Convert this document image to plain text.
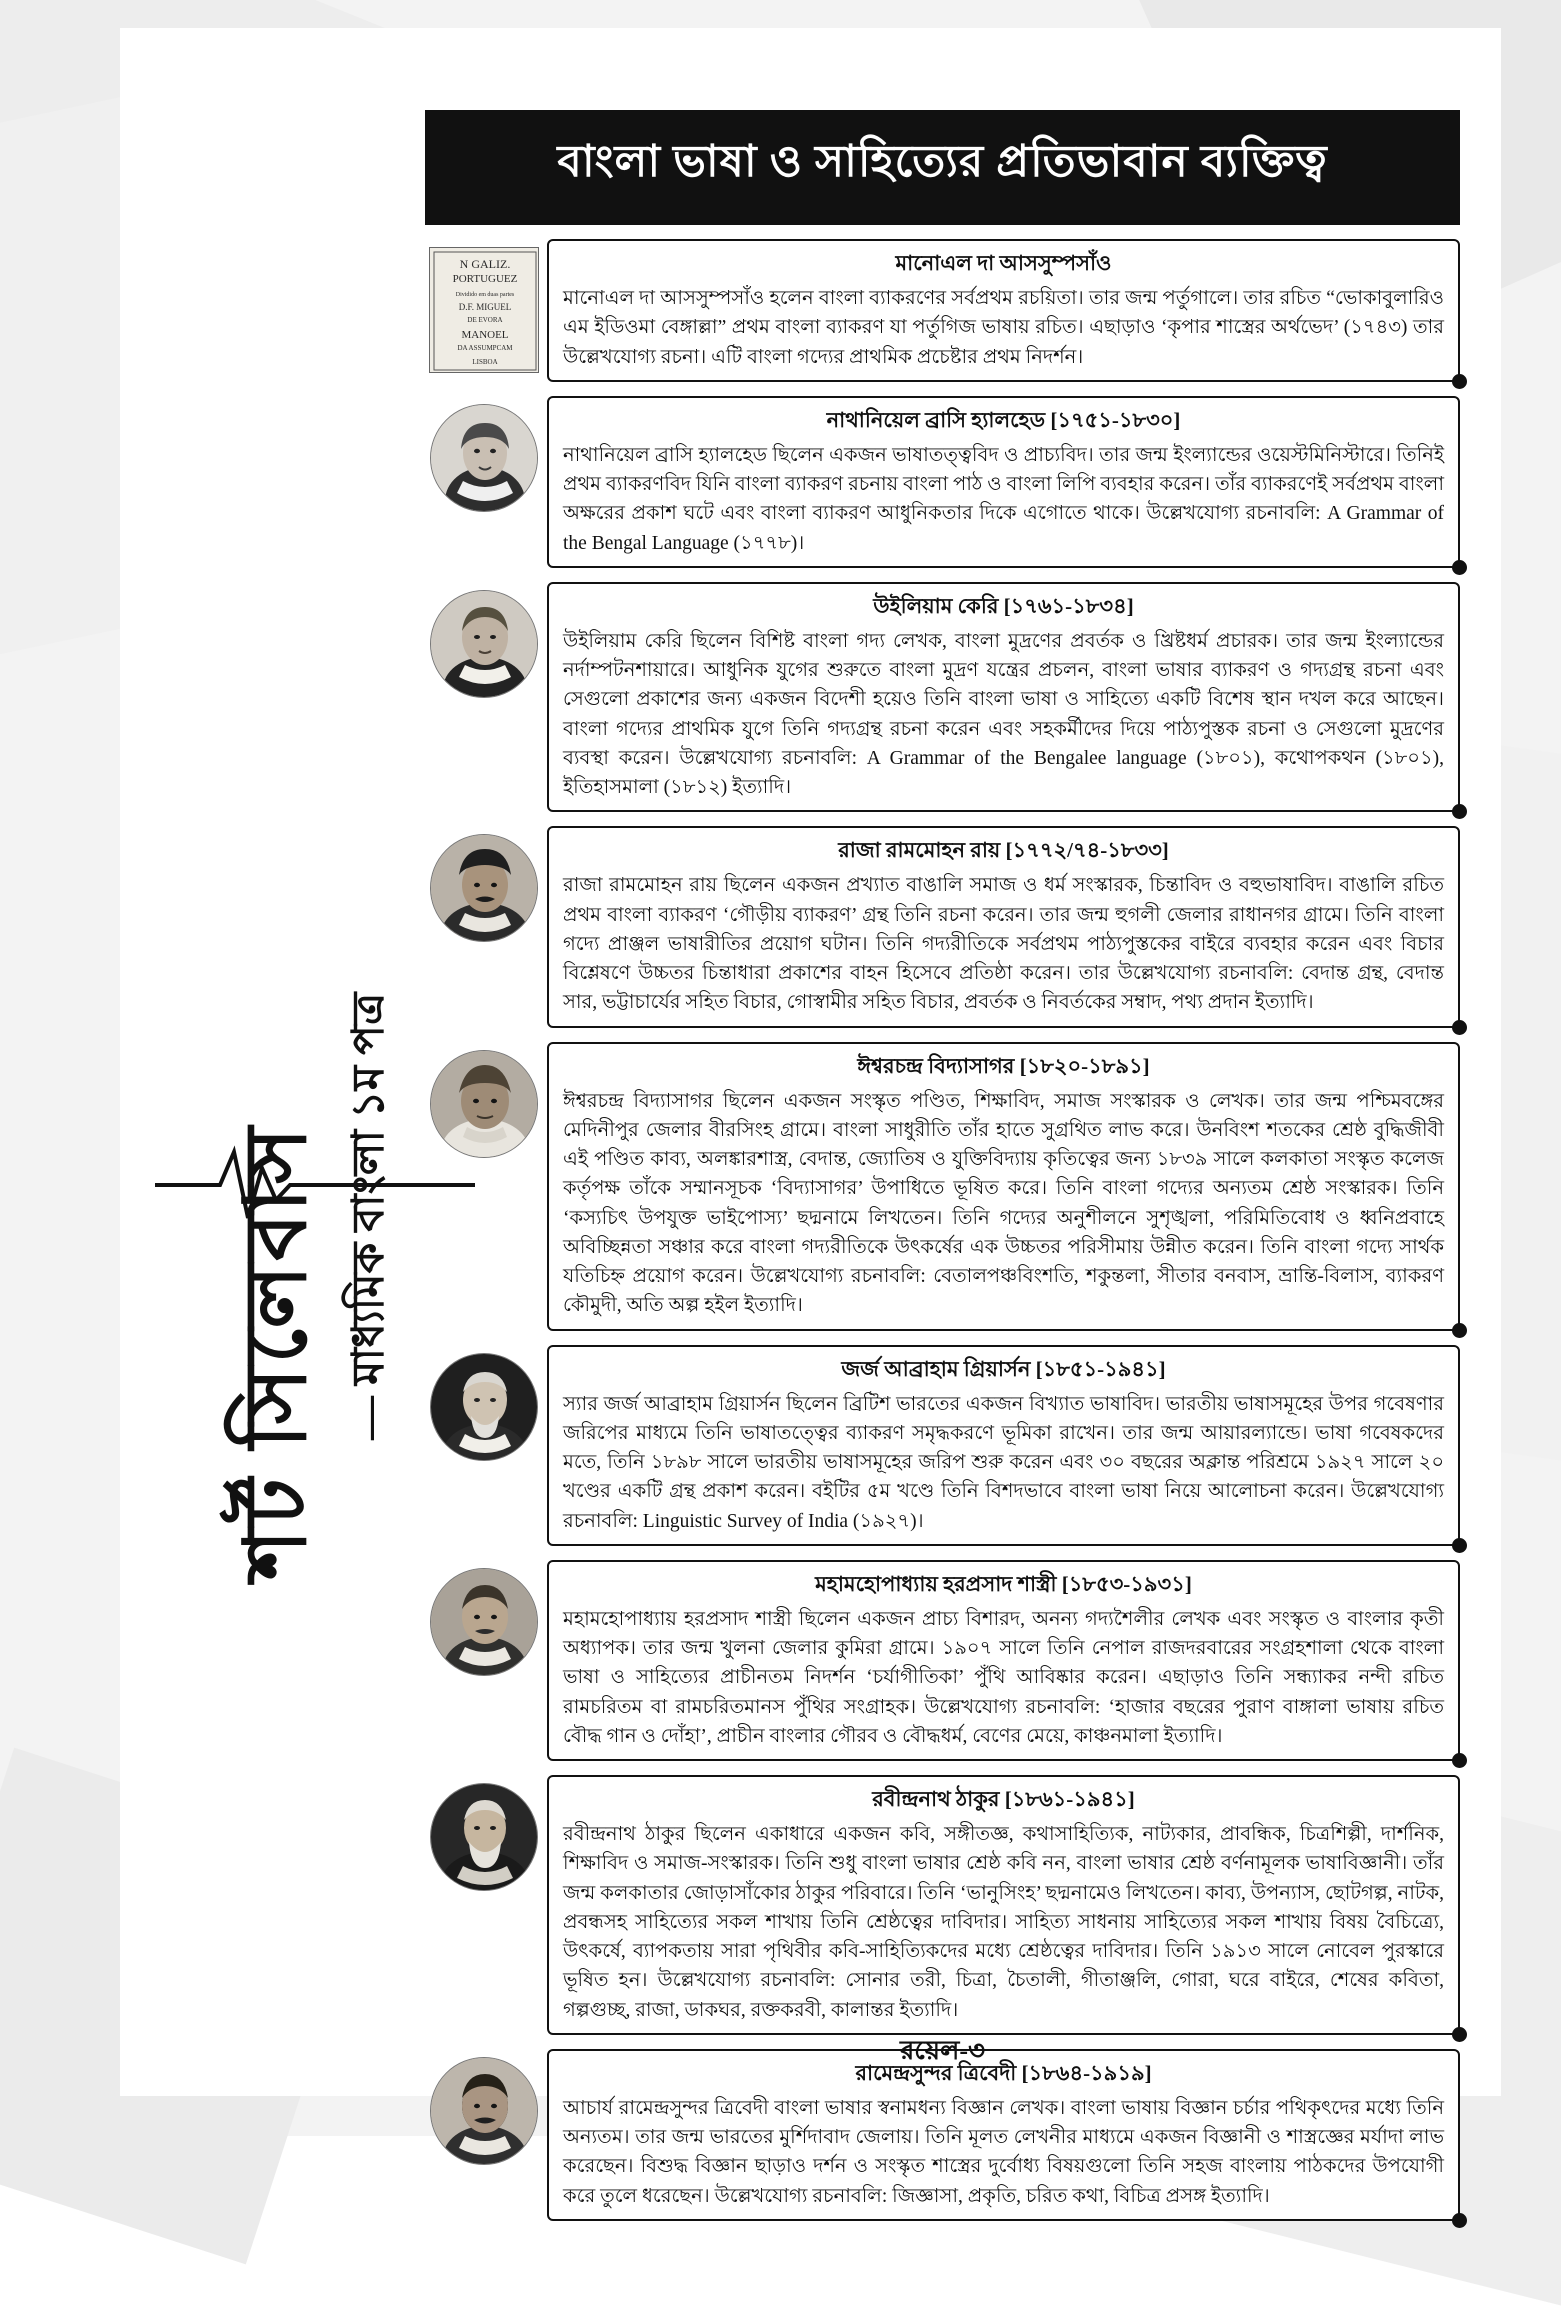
শর্ট সিলেবাস — মাধ্যমিক বাংলা ১ম পত্র
বাংলা ভাষা ও সাহিত্যের প্রতিভাবান ব্যক্তিত্ব
N GALIZ.
PORTUGUEZ
Dividido em duas partes
D.F. MIGUEL
DE EVORA
MANOEL
DA ASSUMPCAM
LISBOA
মানোএল দা আসসুম্পসাঁও
মানোএল দা আসসুম্পসাঁও হলেন বাংলা ব্যাকরণের সর্বপ্রথম রচয়িতা। তার জন্ম পর্তুগালে। তার রচিত “ভোকাবুলারিও এম ইডিওমা বেঙ্গাল্লা” প্রথম বাংলা ব্যাকরণ যা পর্তুগিজ ভাষায় রচিত। এছাড়াও ‘কৃপার শাস্ত্রের অর্থভেদ’ (১৭৪৩) তার উল্লেখযোগ্য রচনা। এটি বাংলা গদ্যের প্রাথমিক প্রচেষ্টার প্রথম নিদর্শন।
নাথানিয়েল ব্রাসি হ্যালহেড [১৭৫১-১৮৩০]
নাথানিয়েল ব্রাসি হ্যালহেড ছিলেন একজন ভাষাতত্ত্ববিদ ও প্রাচ্যবিদ। তার জন্ম ইংল্যান্ডের ওয়েস্টমিনিস্টারে। তিনিই প্রথম ব্যাকরণবিদ যিনি বাংলা ব্যাকরণ রচনায় বাংলা পাঠ ও বাংলা লিপি ব্যবহার করেন। তাঁর ব্যাকরণেই সর্বপ্রথম বাংলা অক্ষরের প্রকাশ ঘটে এবং বাংলা ব্যাকরণ আধুনিকতার দিকে এগোতে থাকে। উল্লেখযোগ্য রচনাবলি: A Grammar of the Bengal Language (১৭৭৮)।
উইলিয়াম কেরি [১৭৬১-১৮৩৪]
উইলিয়াম কেরি ছিলেন বিশিষ্ট বাংলা গদ্য লেখক, বাংলা মুদ্রণের প্রবর্তক ও খ্রিষ্টধর্ম প্রচারক। তার জন্ম ইংল্যান্ডের নর্দাম্পটনশায়ারে। আধুনিক যুগের শুরুতে বাংলা মুদ্রণ যন্ত্রের প্রচলন, বাংলা ভাষার ব্যাকরণ ও গদ্যগ্রন্থ রচনা এবং সেগুলো প্রকাশের জন্য একজন বিদেশী হয়েও তিনি বাংলা ভাষা ও সাহিত্যে একটি বিশেষ স্থান দখল করে আছেন। বাংলা গদ্যের প্রাথমিক যুগে তিনি গদ্যগ্রন্থ রচনা করেন এবং সহকর্মীদের দিয়ে পাঠ্যপুস্তক রচনা ও সেগুলো মুদ্রণের ব্যবস্থা করেন। উল্লেখযোগ্য রচনাবলি: A Grammar of the Bengalee language (১৮০১), কথোপকথন (১৮০১), ইতিহাসমালা (১৮১২) ইত্যাদি।
রাজা রামমোহন রায় [১৭৭২/৭৪-১৮৩৩]
রাজা রামমোহন রায় ছিলেন একজন প্রখ্যাত বাঙালি সমাজ ও ধর্ম সংস্কারক, চিন্তাবিদ ও বহুভাষাবিদ। বাঙালি রচিত প্রথম বাংলা ব্যাকরণ ‘গৌড়ীয় ব্যাকরণ’ গ্রন্থ তিনি রচনা করেন। তার জন্ম হুগলী জেলার রাধানগর গ্রামে। তিনি বাংলা গদ্যে প্রাঞ্জল ভাষারীতির প্রয়োগ ঘটান। তিনি গদ্যরীতিকে সর্বপ্রথম পাঠ্যপুস্তকের বাইরে ব্যবহার করেন এবং বিচার বিশ্লেষণে উচ্চতর চিন্তাধারা প্রকাশের বাহন হিসেবে প্রতিষ্ঠা করেন। তার উল্লেখযোগ্য রচনাবলি: বেদান্ত গ্রন্থ, বেদান্ত সার, ভট্টাচার্যের সহিত বিচার, গোস্বামীর সহিত বিচার, প্রবর্তক ও নিবর্তকের সম্বাদ, পথ্য প্রদান ইত্যাদি।
ঈশ্বরচন্দ্র বিদ্যাসাগর [১৮২০-১৮৯১]
ঈশ্বরচন্দ্র বিদ্যাসাগর ছিলেন একজন সংস্কৃত পণ্ডিত, শিক্ষাবিদ, সমাজ সংস্কারক ও লেখক। তার জন্ম পশ্চিমবঙ্গের মেদিনীপুর জেলার বীরসিংহ গ্রামে। বাংলা সাধুরীতি তাঁর হাতে সুগ্রথিত লাভ করে। উনবিংশ শতকের শ্রেষ্ঠ বুদ্ধিজীবী এই পণ্ডিত কাব্য, অলঙ্কারশাস্ত্র, বেদান্ত, জ্যোতিষ ও যুক্তিবিদ্যায় কৃতিত্বের জন্য ১৮৩৯ সালে কলকাতা সংস্কৃত কলেজ কর্তৃপক্ষ তাঁকে সম্মানসূচক ‘বিদ্যাসাগর’ উপাধিতে ভূষিত করে। তিনি বাংলা গদ্যের অন্যতম শ্রেষ্ঠ সংস্কারক। তিনি ‘কস্যচিৎ উপযুক্ত ভাইপোস্য’ ছদ্মনামে লিখতেন। তিনি গদ্যের অনুশীলনে সুশৃঙ্খলা, পরিমিতিবোধ ও ধ্বনিপ্রবাহে অবিচ্ছিন্নতা সঞ্চার করে বাংলা গদ্যরীতিকে উৎকর্ষের এক উচ্চতর পরিসীমায় উন্নীত করেন। তিনি বাংলা গদ্যে সার্থক যতিচিহ্ন প্রয়োগ করেন। উল্লেখযোগ্য রচনাবলি: বেতালপঞ্চবিংশতি, শকুন্তলা, সীতার বনবাস, ভ্রান্তি-বিলাস, ব্যাকরণ কৌমুদী, অতি অল্প হইল ইত্যাদি।
জর্জ আব্রাহাম গ্রিয়ার্সন [১৮৫১-১৯৪১]
স্যার জর্জ আব্রাহাম গ্রিয়ার্সন ছিলেন ব্রিটিশ ভারতের একজন বিখ্যাত ভাষাবিদ। ভারতীয় ভাষাসমূহের উপর গবেষণার জরিপের মাধ্যমে তিনি ভাষাতত্ত্বের ব্যাকরণ সমৃদ্ধকরণে ভূমিকা রাখেন। তার জন্ম আয়ারল্যান্ডে। ভাষা গবেষকদের মতে, তিনি ১৮৯৮ সালে ভারতীয় ভাষাসমূহের জরিপ শুরু করেন এবং ৩০ বছরের অক্লান্ত পরিশ্রমে ১৯২৭ সালে ২০ খণ্ডের একটি গ্রন্থ প্রকাশ করেন। বইটির ৫ম খণ্ডে তিনি বিশদভাবে বাংলা ভাষা নিয়ে আলোচনা করেন। উল্লেখযোগ্য রচনাবলি: Linguistic Survey of India (১৯২৭)।
মহামহোপাধ্যায় হরপ্রসাদ শাস্ত্রী [১৮৫৩-১৯৩১]
মহামহোপাধ্যায় হরপ্রসাদ শাস্ত্রী ছিলেন একজন প্রাচ্য বিশারদ, অনন্য গদ্যশৈলীর লেখক এবং সংস্কৃত ও বাংলার কৃতী অধ্যাপক। তার জন্ম খুলনা জেলার কুমিরা গ্রামে। ১৯০৭ সালে তিনি নেপাল রাজদরবারের সংগ্রহশালা থেকে বাংলা ভাষা ও সাহিত্যের প্রাচীনতম নিদর্শন ‘চর্যাগীতিকা’ পুঁথি আবিষ্কার করেন। এছাড়াও তিনি সন্ধ্যাকর নন্দী রচিত রামচরিতম বা রামচরিতমানস পুঁথির সংগ্রাহক। উল্লেখযোগ্য রচনাবলি: ‘হাজার বছরের পুরাণ বাঙ্গালা ভাষায় রচিত বৌদ্ধ গান ও দোঁহা’, প্রাচীন বাংলার গৌরব ও বৌদ্ধধর্ম, বেণের মেয়ে, কাঞ্চনমালা ইত্যাদি।
রবীন্দ্রনাথ ঠাকুর [১৮৬১-১৯৪১]
রবীন্দ্রনাথ ঠাকুর ছিলেন একাধারে একজন কবি, সঙ্গীতজ্ঞ, কথাসাহিত্যিক, নাট্যকার, প্রাবন্ধিক, চিত্রশিল্পী, দার্শনিক, শিক্ষাবিদ ও সমাজ-সংস্কারক। তিনি শুধু বাংলা ভাষার শ্রেষ্ঠ কবি নন, বাংলা ভাষার শ্রেষ্ঠ বর্ণনামূলক ভাষাবিজ্ঞানী। তাঁর জন্ম কলকাতার জোড়াসাঁকোর ঠাকুর পরিবারে। তিনি ‘ভানুসিংহ’ ছদ্মনামেও লিখতেন। কাব্য, উপন্যাস, ছোটগল্প, নাটক, প্রবন্ধসহ সাহিত্যের সকল শাখায় তিনি শ্রেষ্ঠত্বের দাবিদার। সাহিত্য সাধনায় সাহিত্যের সকল শাখায় বিষয় বৈচিত্র্যে, উৎকর্ষে, ব্যাপকতায় সারা পৃথিবীর কবি-সাহিত্যিকদের মধ্যে শ্রেষ্ঠত্বের দাবিদার। তিনি ১৯১৩ সালে নোবেল পুরস্কারে ভূষিত হন। উল্লেখযোগ্য রচনাবলি: সোনার তরী, চিত্রা, চৈতালী, গীতাঞ্জলি, গোরা, ঘরে বাইরে, শেষের কবিতা, গল্পগুচ্ছ, রাজা, ডাকঘর, রক্তকরবী, কালান্তর ইত্যাদি।
রামেন্দ্রসুন্দর ত্রিবেদী [১৮৬৪-১৯১৯]
আচার্য রামেন্দ্রসুন্দর ত্রিবেদী বাংলা ভাষার স্বনামধন্য বিজ্ঞান লেখক। বাংলা ভাষায় বিজ্ঞান চর্চার পথিকৃৎদের মধ্যে তিনি অন্যতম। তার জন্ম ভারতের মুর্শিদাবাদ জেলায়। তিনি মূলত লেখনীর মাধ্যমে একজন বিজ্ঞানী ও শাস্ত্রজ্ঞের মর্যাদা লাভ করেছেন। বিশুদ্ধ বিজ্ঞান ছাড়াও দর্শন ও সংস্কৃত শাস্ত্রের দুর্বোধ্য বিষয়গুলো তিনি সহজ বাংলায় পাঠকদের উপযোগী করে তুলে ধরেছেন। উল্লেখযোগ্য রচনাবলি: জিজ্ঞাসা, প্রকৃতি, চরিত কথা, বিচিত্র প্রসঙ্গ ইত্যাদি।
রয়েল-৩
